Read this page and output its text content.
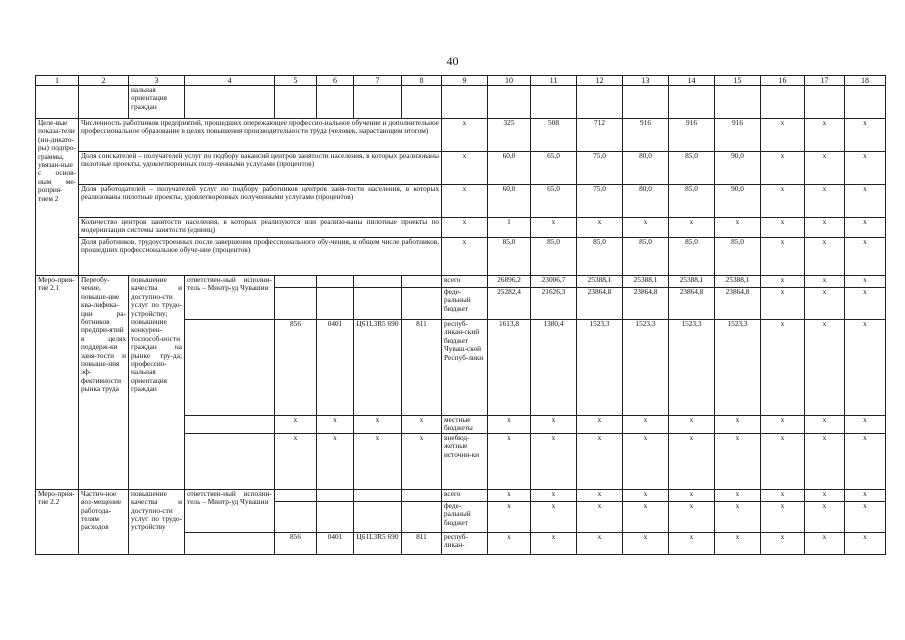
40
1	2	3	4	5	6	7	8	9	10	11	12	13	14	15	16	17	18
		нальная ориентация граждан															
Целе-вые показа-тели (ин-дикато-ры) подпро-граммы, увязан-ные с основ-ным ме-роприя-тием 2	Численность работников предприятий, прошедших опережающее профессио-нальное обучение и дополнительное профессиональное образование в целях повышения производительности труда (человек, нарастающим итогом)							х	325	508	712	916	916	916	х	х	х
	Доля соискателей – получателей услуг по подбору вакансий центров занятости населения, в которых реализованы пилотные проекты, удовлетворенных полу-ченными услугами (процентов)							х	60,0	65,0	75,0	80,0	85,0	90,0	х	х	х
	Доля работодателей – получателей услуг по подбору работников центров заня-тости населения, в которых реализованы пилотные проекты, удовлетворенных полученными услугами (процентов)							х	60,0	65,0	75,0	80,0	85,0	90,0	х	х	х
	Количество центров занятости населения, в которых реализуются или реализо-ваны пилотные проекты по модернизации системы занятости (единиц)							х	1	х	х	х	х	х	х	х	х
	Доля работников, трудоустроенных после завершения профессионального обу-чения, в общем числе работников, прошедших профессиональное обуче-ние (процентов)							х	85,0	85,0	85,0	85,0	85,0	85,0	х	х	х
Меро-прия-тие 2.1	Переобу-чение, повыше-ние ква-лифика-ции ра-ботников предпри-ятий в целях поддерж-ки заня-тости и повыше-ния эф-фективности рынка труда	повышение качества и доступно-сти услуг по трудо-устройству; повышение конкурен-тоспособ-ности граждан на рынке тру-да; профессио-нальная ориентация граждан	ответствен-ный исполни-тель – Минтр-уд Чувашии					всего	26896,2	23006,7	25388,1	25388,1	25388,1	25388,1	х	х	х
								феде-ральный бюджет	25282,4	21626,3	23864,8	23864,8	23864,8	23864,8	х	х	х
				856	0401	Ц61L3R5 690	811	респуб-ликан-ский бюджет Чуваш-ской Респуб-лики	1613,8	1380,4	1523,3	1523,3	1523,3	1523,3	х	х	х
				х	х	х	х	местные бюджеты	х	х	х	х	х	х	х	х	х
				х	х	х	х	внебюд-жетные источни-ки	х	х	х	х	х	х	х	х	х
Меро-прия-тие 2.2	Частич-ное воз-мещение работода-телям расходов	повышение качества и доступно-сти услуг по трудо-устройству	ответствен-ный исполни-тель – Минтр-уд Чувашии					всего	х	х	х	х	х	х	х	х	х
								феде-ральный бюджет	х	х	х	х	х	х	х	х	х
				856	0401	Ц61L3R5 690	811	респуб-ликан-	х	х	х	х	х	х	х	х	х
